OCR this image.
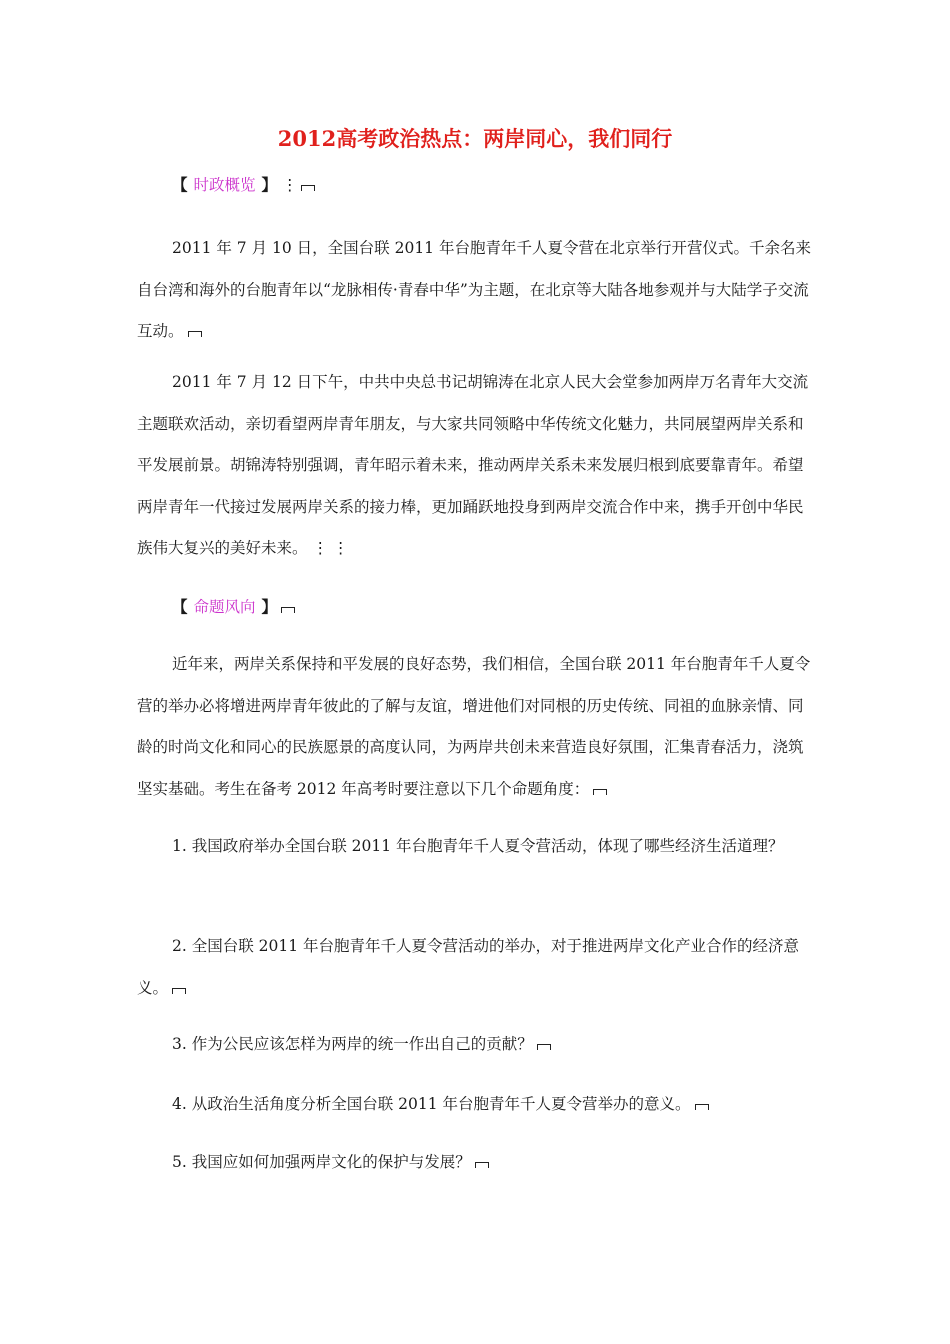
2012高考政治热点：两岸同心，我们同行

【 时政概览 】 ⋮

2011 年 7 月 10 日，全国台联 2011 年台胞青年千人夏令营在北京举行开营仪式。千余名来自台湾和海外的台胞青年以“龙脉相传·青春中华”为主题，在北京等大陆各地参观并与大陆学子交流互动。

2011 年 7 月 12 日下午，中共中央总书记胡锦涛在北京人民大会堂参加两岸万名青年大交流主题联欢活动，亲切看望两岸青年朋友，与大家共同领略中华传统文化魅力，共同展望两岸关系和平发展前景。胡锦涛特别强调，青年昭示着未来，推动两岸关系未来发展归根到底要靠青年。希望两岸青年一代接过发展两岸关系的接力棒，更加踊跃地投身到两岸交流合作中来，携手开创中华民族伟大复兴的美好未来。 ⋮ ⋮

【 命题风向 】

近年来，两岸关系保持和平发展的良好态势，我们相信，全国台联 2011 年台胞青年千人夏令营的举办必将增进两岸青年彼此的了解与友谊，增进他们对同根的历史传统、同祖的血脉亲情、同龄的时尚文化和同心的民族愿景的高度认同，为两岸共创未来营造良好氛围，汇集青春活力，浇筑坚实基础。考生在备考 2012 年高考时要注意以下几个命题角度：

1. 我国政府举办全国台联 2011 年台胞青年千人夏令营活动，体现了哪些经济生活道理？

2. 全国台联 2011 年台胞青年千人夏令营活动的举办，对于推进两岸文化产业合作的经济意义。

3. 作为公民应该怎样为两岸的统一作出自己的贡献？

4. 从政治生活角度分析全国台联 2011 年台胞青年千人夏令营举办的意义。

5. 我国应如何加强两岸文化的保护与发展？
